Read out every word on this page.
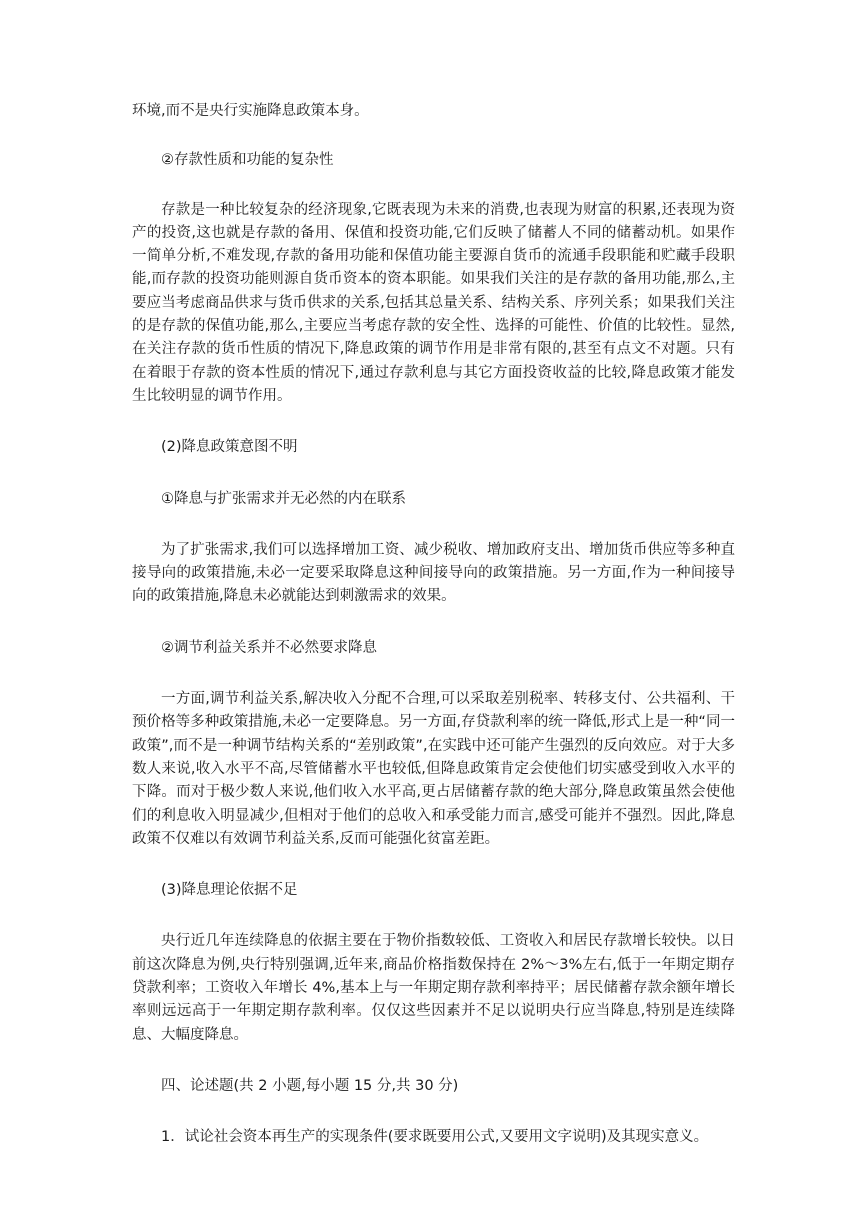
环境,而不是央行实施降息政策本身。

②存款性质和功能的复杂性

存款是一种比较复杂的经济现象,它既表现为未来的消费,也表现为财富的积累,还表现为资产的投资,这也就是存款的备用、保值和投资功能,它们反映了储蓄人不同的储蓄动机。如果作一简单分析,不难发现,存款的备用功能和保值功能主要源自货币的流通手段职能和贮藏手段职能,而存款的投资功能则源自货币资本的资本职能。如果我们关注的是存款的备用功能,那么,主要应当考虑商品供求与货币供求的关系,包括其总量关系、结构关系、序列关系；如果我们关注的是存款的保值功能,那么,主要应当考虑存款的安全性、选择的可能性、价值的比较性。显然,在关注存款的货币性质的情况下,降息政策的调节作用是非常有限的,甚至有点文不对题。只有在着眼于存款的资本性质的情况下,通过存款利息与其它方面投资收益的比较,降息政策才能发生比较明显的调节作用。

(2)降息政策意图不明

①降息与扩张需求并无必然的内在联系

为了扩张需求,我们可以选择增加工资、减少税收、增加政府支出、增加货币供应等多种直接导向的政策措施,未必一定要采取降息这种间接导向的政策措施。另一方面,作为一种间接导向的政策措施,降息未必就能达到刺激需求的效果。

②调节利益关系并不必然要求降息

一方面,调节利益关系,解决收入分配不合理,可以采取差别税率、转移支付、公共福利、干预价格等多种政策措施,未必一定要降息。另一方面,存贷款利率的统一降低,形式上是一种“同一政策”,而不是一种调节结构关系的“差别政策”,在实践中还可能产生强烈的反向效应。对于大多数人来说,收入水平不高,尽管储蓄水平也较低,但降息政策肯定会使他们切实感受到收入水平的下降。而对于极少数人来说,他们收入水平高,更占居储蓄存款的绝大部分,降息政策虽然会使他们的利息收入明显减少,但相对于他们的总收入和承受能力而言,感受可能并不强烈。因此,降息政策不仅难以有效调节利益关系,反而可能强化贫富差距。

(3)降息理论依据不足

央行近几年连续降息的依据主要在于物价指数较低、工资收入和居民存款增长较快。以日前这次降息为例,央行特别强调,近年来,商品价格指数保持在 2%～3%左右,低于一年期定期存贷款利率；工资收入年增长 4%,基本上与一年期定期存款利率持平；居民储蓄存款余额年增长率则远远高于一年期定期存款利率。仅仅这些因素并不足以说明央行应当降息,特别是连续降息、大幅度降息。

四、论述题(共 2 小题,每小题 15 分,共 30 分)

1．试论社会资本再生产的实现条件(要求既要用公式,又要用文字说明)及其现实意义。
